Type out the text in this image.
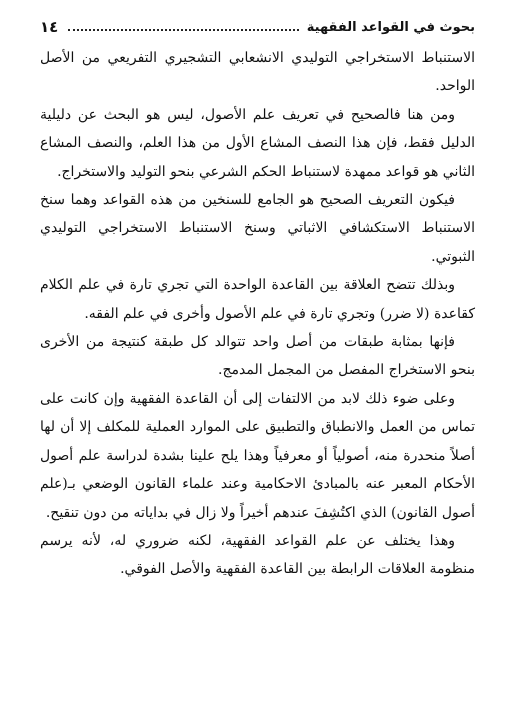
بحوث في القواعد الفقهية
١٤

الاستنباط الاستخراجي التوليدي الانشعابي التشجيري التفريعي من الأصل الواحد.

ومن هنا فالصحيح في تعريف علم الأصول، ليس هو البحث عن دليلية الدليل فقط، فإن هذا النصف المشاع الأول من هذا العلم، والنصف المشاع الثاني هو قواعد ممهدة لاستنباط الحكم الشرعي بنحو التوليد والاستخراج.

فيكون التعريف الصحيح هو الجامع للسنخين من هذه القواعد وهما سنخ الاستنباط الاستكشافي الاثباتي وسنخ الاستنباط الاستخراجي التوليدي الثبوتي.

وبذلك تتضح العلاقة بين القاعدة الواحدة التي تجري تارة في علم الكلام كقاعدة (لا ضرر) وتجري تارة في علم الأصول وأخرى في علم الفقه.

فإنها بمثابة طبقات من أصل واحد تتوالد كل طبقة كنتيجة من الأخرى بنحو الاستخراج المفصل من المجمل المدمج.

وعلى ضوء ذلك لابد من الالتفات إلى أن القاعدة الفقهية وإن كانت على تماس من العمل والانطباق والتطبيق على الموارد العملية للمكلف إلا أن لها أصلاً منحدرة منه، أصولياً أو معرفياً وهذا يلح علينا بشدة لدراسة علم أصول الأحكام المعبر عنه بالمبادئ الاحكامية وعند علماء القانون الوضعي بـ(علم أصول القانون) الذي اكتُشِفَ عندهم أخيراً ولا زال في بداياته من دون تنقيح.

وهذا يختلف عن علم القواعد الفقهية، لكنه ضروري له، لأنه يرسم منظومة العلاقات الرابطة بين القاعدة الفقهية والأصل الفوقي.
